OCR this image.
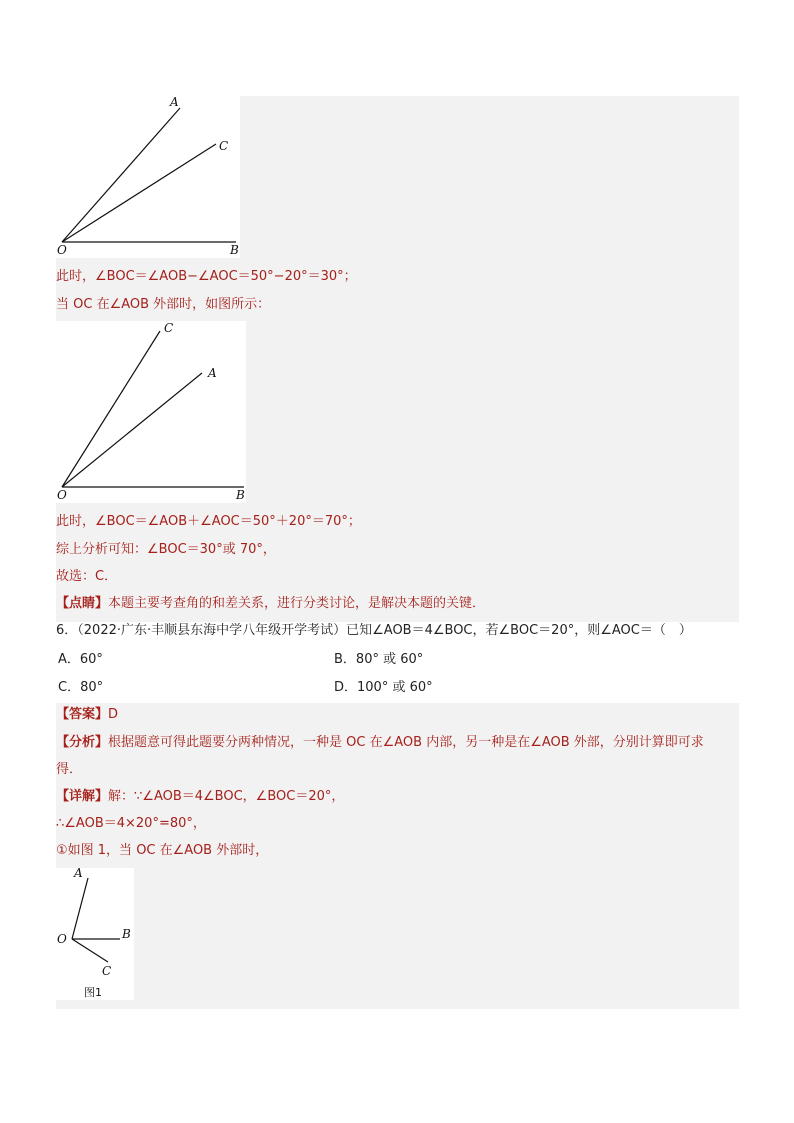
A
C
O	B
此时，∠BOC＝∠AOB−∠AOC＝50°−20°＝30°；
当 OC 在∠AOB 外部时，如图所示：
C
A
O	B
此时，∠BOC＝∠AOB＋∠AOC＝50°＋20°＝70°；
综上分析可知：∠BOC＝30°或 70°，
故选：C．
【点睛】本题主要考查角的和差关系，进行分类讨论，是解决本题的关键．
6．（2022·广东·丰顺县东海中学八年级开学考试）已知∠AOB＝4∠BOC，若∠BOC＝20°，则∠AOC＝（　）
A．60°	B．80° 或 60°
C．80°	D．100° 或 60°
【答案】D
【分析】根据题意可得此题要分两种情况，一种是 OC 在∠AOB 内部，另一种是在∠AOB 外部，分别计算即可求
得．
【详解】解：∵∠AOB＝4∠BOC，∠BOC＝20°，
∴∠AOB＝4×20°=80°，
①如图 1，当 OC 在∠AOB 外部时，
A
O	B
C
图1
